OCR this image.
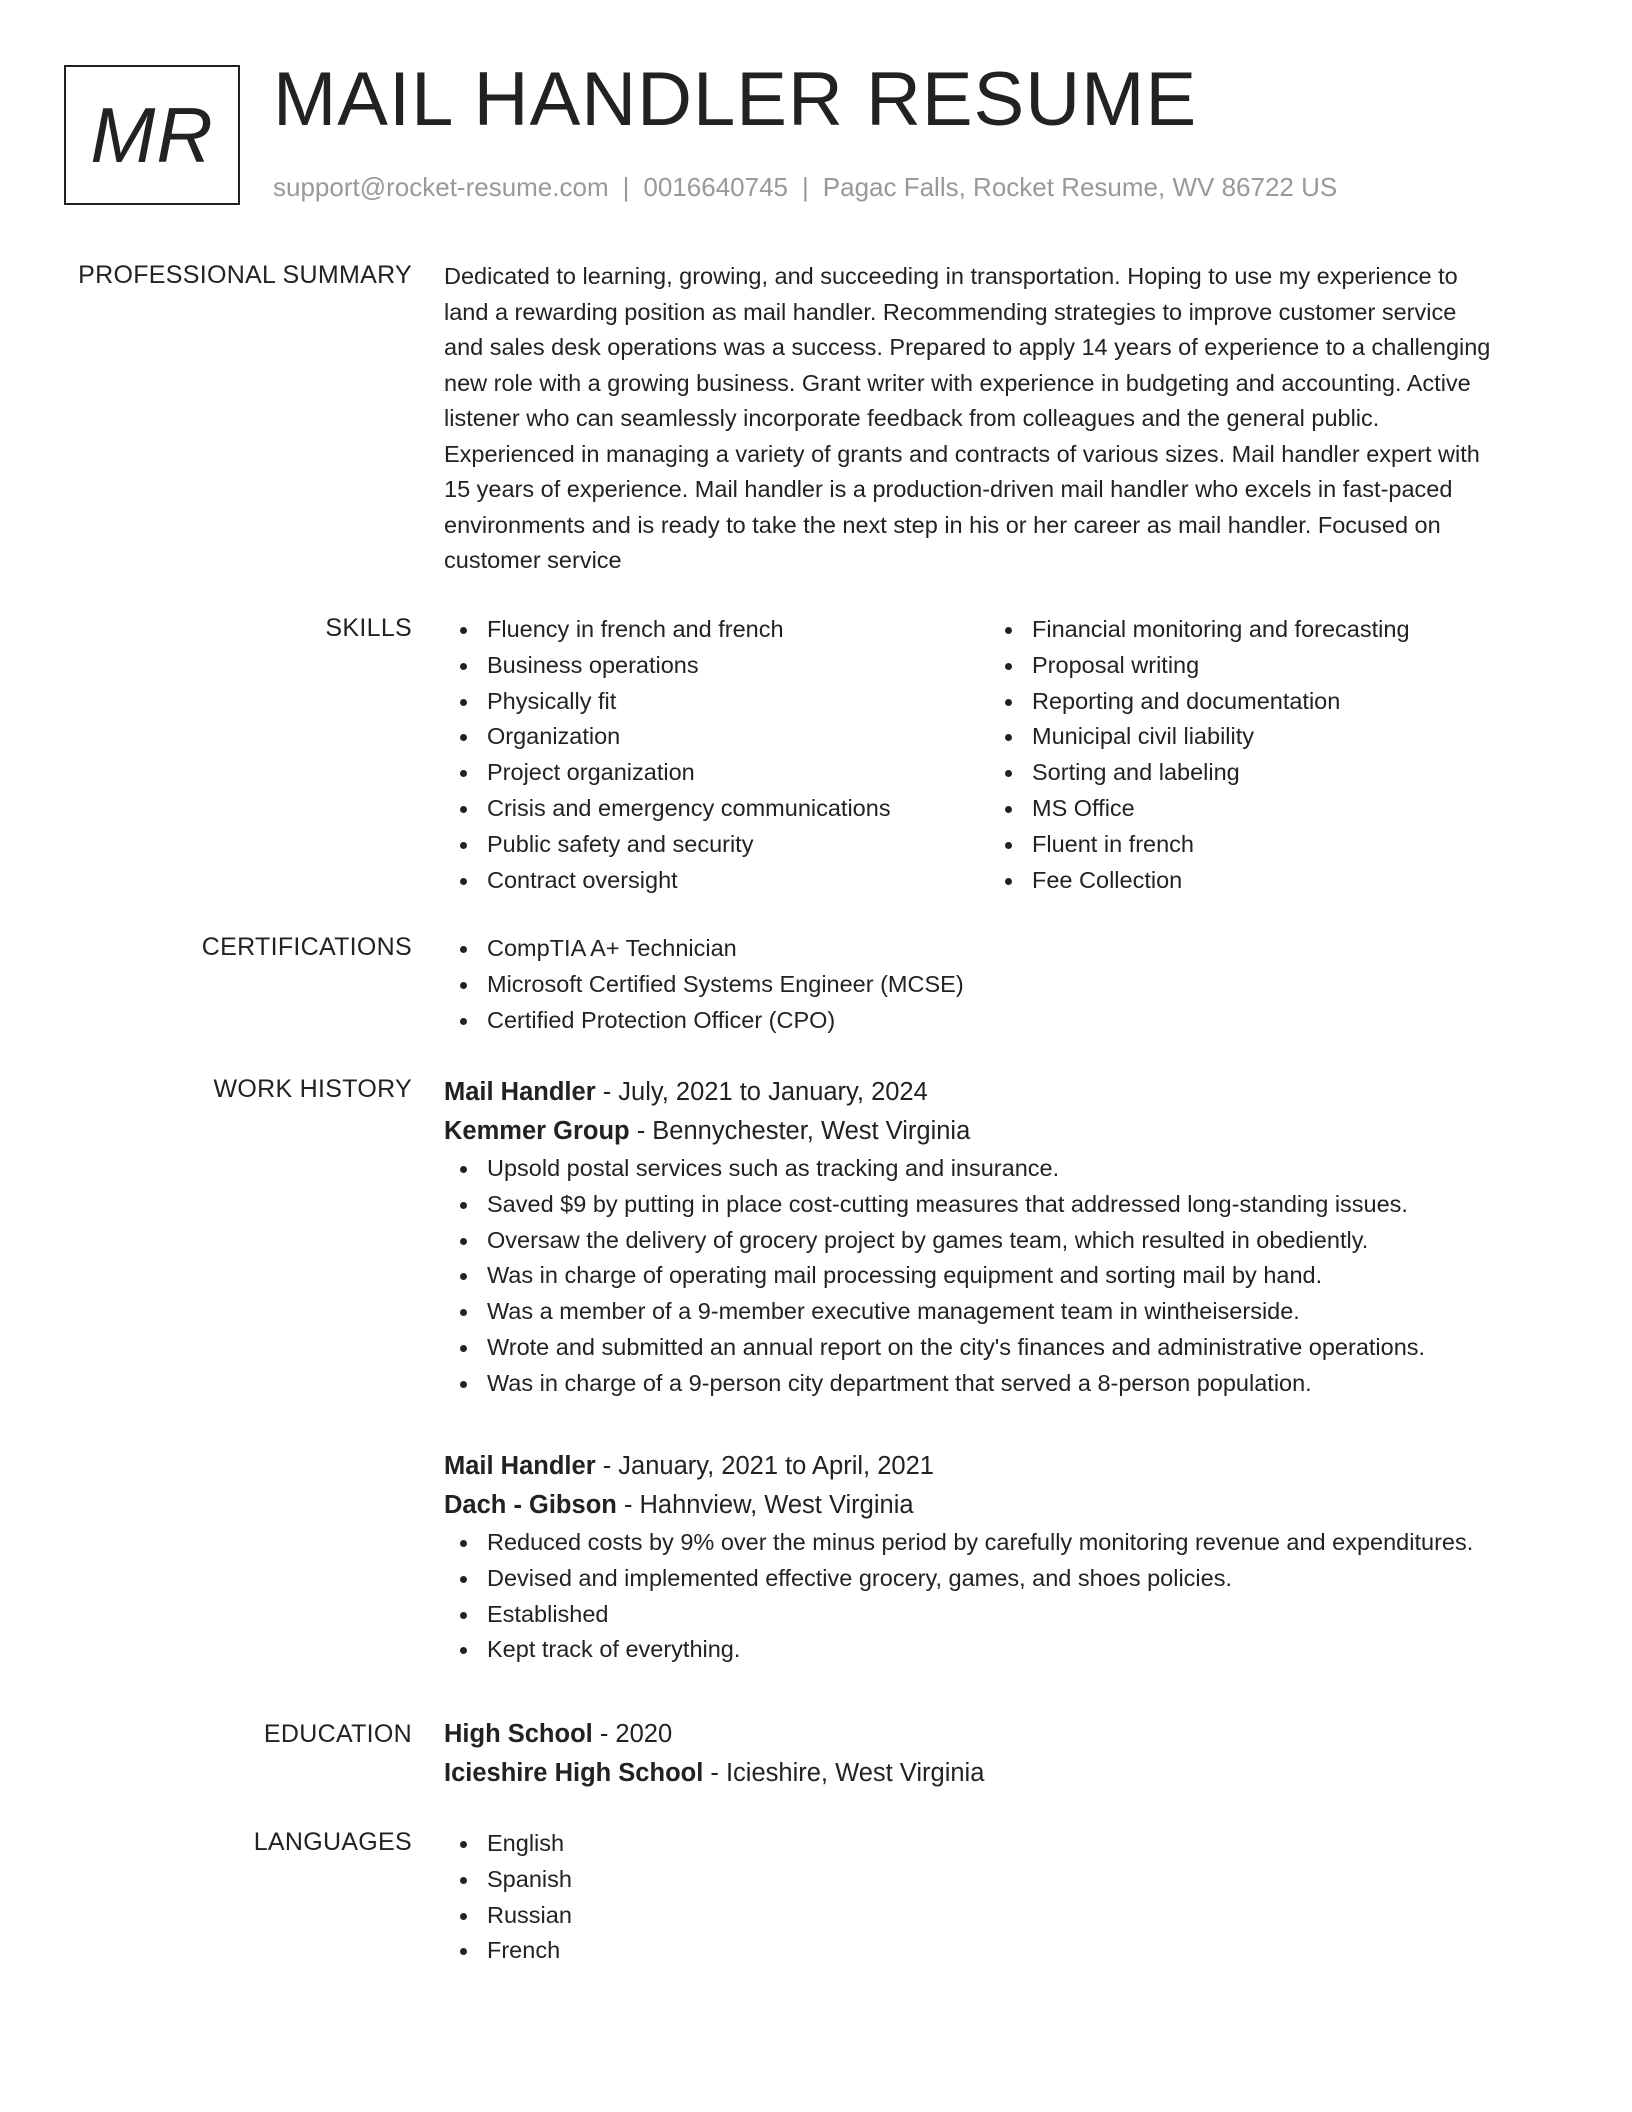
MR MAIL HANDLER RESUME
support@rocket-resume.com | 0016640745 | Pagac Falls, Rocket Resume, WV 86722 US
PROFESSIONAL SUMMARY Dedicated to learning, growing, and succeeding in transportation. Hoping to use my experience to
land a rewarding position as mail handler. Recommending strategies to improve customer service
and sales desk operations was a success. Prepared to apply 14 years of experience to a challenging
new role with a growing business. Grant writer with experience in budgeting and accounting. Active
listener who can seamlessly incorporate feedback from colleagues and the general public.
Experienced in managing a variety of grants and contracts of various sizes. Mail handler expert with
15 years of experience. Mail handler is a production-driven mail handler who excels in fast-paced
environments and is ready to take the next step in his or her career as mail handler. Focused on
customer service
SKILLS	Fluency in french and french
Business operations
Physically fit
Organization
Project organization
Crisis and emergency communications
Public safety and security
Contract oversight
Financial monitoring and forecasting
Proposal writing
Reporting and documentation
Municipal civil liability
Sorting and labeling
MS Office
Fluent in french
Fee Collection
CERTIFICATIONS	CompTIA A+ Technician
Microsoft Certified Systems Engineer (MCSE)
Certified Protection Officer (CPO)
WORK HISTORY Mail Handler - July, 2021 to January, 2024
Kemmer Group - Bennychester, West Virginia
Upsold postal services such as tracking and insurance.
Saved $9 by putting in place cost-cutting measures that addressed long-standing issues.
Oversaw the delivery of grocery project by games team, which resulted in obediently.
Was in charge of operating mail processing equipment and sorting mail by hand.
Was a member of a 9-member executive management team in wintheiserside.
Wrote and submitted an annual report on the city's finances and administrative operations.
Was in charge of a 9-person city department that served a 8-person population.
Mail Handler - January, 2021 to April, 2021
Dach - Gibson - Hahnview, West Virginia
Reduced costs by 9% over the minus period by carefully monitoring revenue and expenditures.
Devised and implemented effective grocery, games, and shoes policies.
Established
Kept track of everything.
EDUCATION High School - 2020
Icieshire High School - Icieshire, West Virginia
LANGUAGES	English
Spanish
Russian
French
